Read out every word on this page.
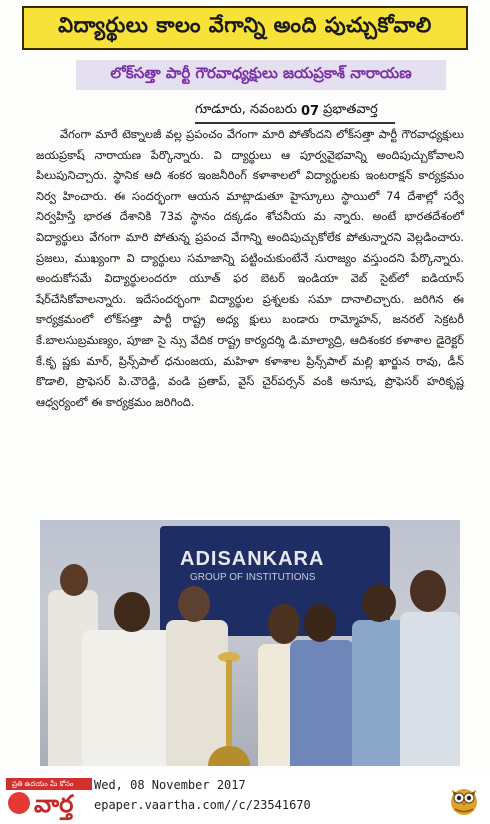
విద్యార్థులు కాలం వేగాన్ని అంది పుచ్చుకోవాలి
లోక్‌సత్తా పార్టీ గౌరవాధ్యక్షులు జయప్రకాశ్ నారాయణ
గూడూరు, నవంబరు 07 ప్రభాతవార్త
వేగంగా మారే టెక్నాలజీ వల్ల ప్రపంచం వేగంగా మారి పోతోందని లోక్‌సత్తా పార్టీ గౌరవాధ్యక్షులు జయప్రకాష్ నారాయణ పేర్కొన్నారు. వి ద్యార్థులు ఆ పూర్వవైభవాన్ని అందిపుచ్చుకోవాలని పిలుపునిచ్చారు. స్థానిక ఆది శంకర ఇంజనీరింగ్ కళాశాలలో విద్యార్థులకు ఇంటరాక్షన్ కార్యక్రమం నిర్వ హించారు. ఈ సందర్భంగా ఆయన మాట్లాడుతూ హైస్కూలు స్థాయిలో 74 దేశాల్లో సర్వే నిర్వహిస్తే భారత దేశానికి 73వ స్థానం దక్కడం శోచనీయ మ న్నారు. అంటే భారతదేశంలో విద్యార్థులు వేగంగా మారి పోతున్న ప్రపంచ వేగాన్ని అందిపుచ్చుకోలేక పోతున్నారని వెల్లడించారు. ప్రజలు, ముఖ్యంగా వి ద్యార్థులు సమాజాన్ని పట్టించుకుంటేనే సురాజ్యం వస్తుందని పేర్కొన్నారు. అందుకోసమే విద్యార్థులందరూ యూత్ ఫర బెటర్ ఇండియా వెబ్ సైట్‌లో ఐడియాస్ షేర్‌చేసికోవాలన్నారు. ఇదేసందర్భంగా విద్యార్థుల ప్రశ్నలకు సమా దానాలిచ్చారు. జరిగిన ఈ కార్యక్రమంలో లోక్‌సత్తా పార్టీ రాష్ట్ర అధ్య క్షులు బండారు రామ్మోహన్, జనరల్ సెక్రటరీ కే.బాలసుబ్రమణ్యం, పూజా సై న్సు వేదిక రాష్ట్ర కార్యదర్శి డి.మాల్యాద్రి, ఆదిశంకర కళాశాల డైరెక్టర్ కే.కృ ష్ణకు మార్, ప్రిన్స్‌పాల్ ధనుంజయ, మహిళా కళాశాల ప్రిన్స్‌పాల్ మల్లి ఖార్జున రావు, డీన్ కొడాలి, ప్రొఫెసర్ పి.చౌరెడ్డి, వండి ప్రతాప్, వైస్ చైర్‌పర్సన్ వంకి అనూష, ప్రొఫెసర్ హరికృష్ణ ఆధ్వర్యంలో ఈ కార్యక్రమం జరిగింది.
ADISANKARA
GROUP OF INSTITUTIONS
ప్రతి ఉదయం మీ కోసం
వార్త
Wed, 08 November 2017
epaper.vaartha.com//c/23541670
